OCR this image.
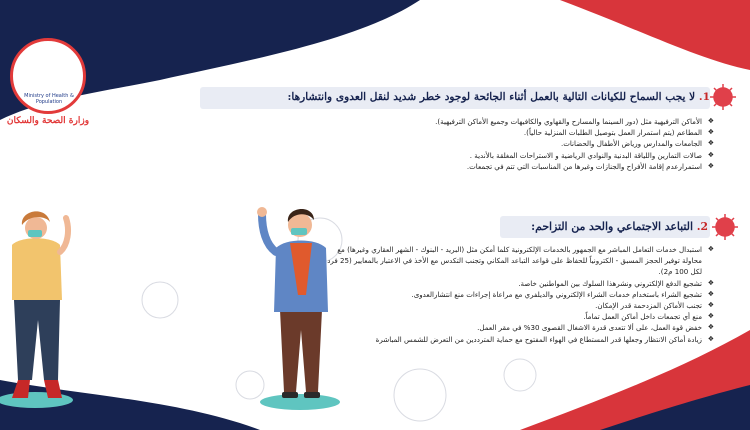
Ministry of Health & Population
وزارة الصحة والسكان
1. لا يجب السماح للكيانات التالية بالعمل أثناء الجائحة لوجود خطر شديد لنقل العدوى وانتشارها:
❖ الأماكن الترفيهية مثل (دور السينما والمسارح والقهاوي والكافيهات وجميع الأماكن الترفيهية).
❖ المطاعم (يتم استمرار العمل بتوصيل الطلبات المنزلية حالياً).
❖ الجامعات والمدارس ورياض الأطفال والحضانات.
❖ صالات التمارين واللياقة البدنية والنوادي الرياضية و الاستراحات المغلقة بالأندية .
❖ استمرارعدم إقامة الأفراح والجنازات وغيرها من المناسبات التي تتم في تجمعات.
2. التباعد الاجتماعي والحد من التزاحم:
❖ استبدال خدمات التعامل المباشر مع الجمهور بالخدمات الإلكترونية كلما أمكن مثل (البريد - البنوك - الشهر العقاري وغيرها) مع محاولة توفير الحجز المسبق - الكترونياً للحفاظ على قواعد التباعد المكاني وتجنب التكدس مع الأخذ في الاعتبار بالمعايير (25 فرد لكل 100 م2).
❖ تشجيع الدفع الإلكتروني ونشرهذا السلوك بين المواطنين خاصة.
❖ تشجيع الشراء باستخدام خدمات الشراء الإلكتروني والديلفري مع مراعاة إجراءات منع انتشارالعدوى.
❖ تجنب الأماكن المزدحمة قدر الإمكان.
❖ منع أي تجمعات داخل أماكن العمل تماماً.
❖ خفض قوة العمل، على ألا تتعدى قدرة الاشغال القصوى 30% في مقر العمل.
❖ زيادة أماكن الانتظار وجعلها قدر المستطاع في الهواء المفتوح مع حماية المترددين من التعرض للشمس المباشرة
